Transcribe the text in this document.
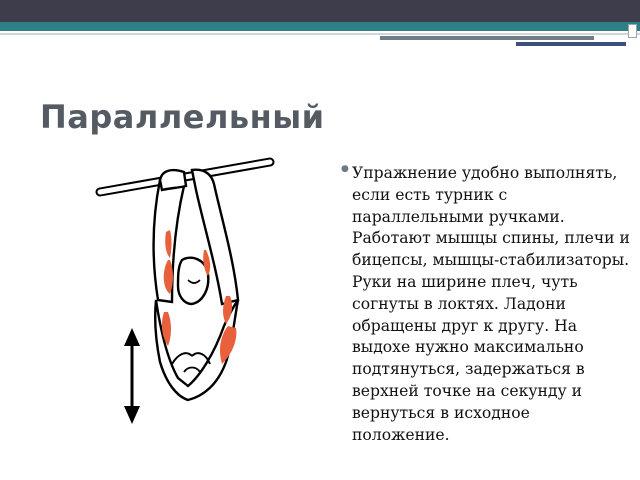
Параллельный
● Упражнение удобно выполнять, если есть турник с параллельными ручками. Работают мышцы спины, плечи и бицепсы, мышцы-стабилизаторы. Руки на ширине плеч, чуть согнуты в локтях. Ладони обращены друг к другу. На выдохе нужно максимально подтянуться, задержаться в верхней точке на секунду и вернуться в исходное положение.
